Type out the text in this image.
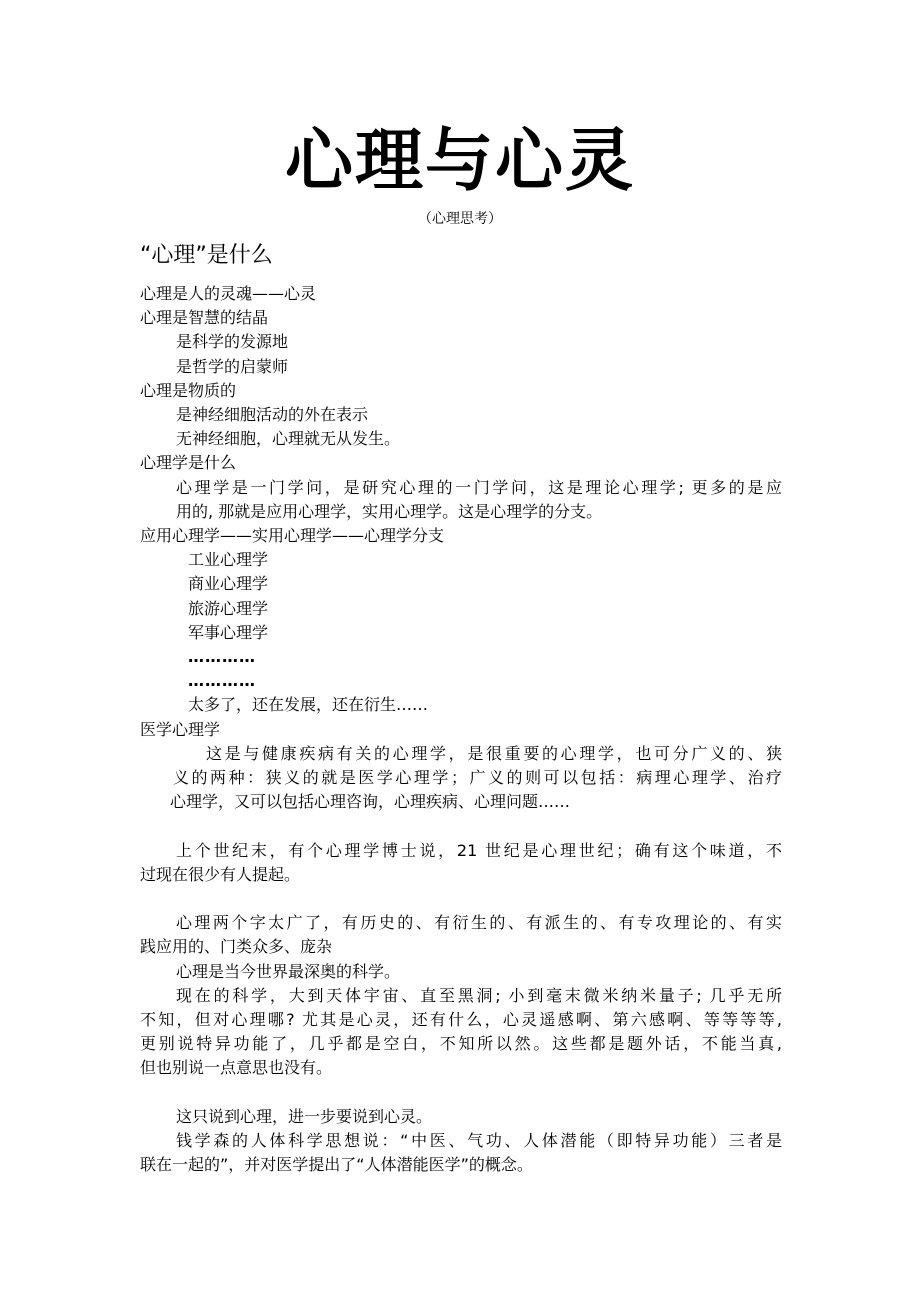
心理与心灵
（心理思考）
“心理”是什么
心理是人的灵魂——心灵
心理是智慧的结晶
是科学的发源地
是哲学的启蒙师
心理是物质的
是神经细胞活动的外在表示
无神经细胞，心理就无从发生。
心理学是什么
心理学是一门学问，是研究心理的一门学问，这是理论心理学; 更多的是应
用的, 那就是应用心理学，实用心理学。这是心理学的分支。
应用心理学——实用心理学——心理学分支
工业心理学
商业心理学
旅游心理学
军事心理学
…………
…………
太多了，还在发展，还在衍生……
医学心理学
这是与健康疾病有关的心理学，是很重要的心理学，也可分广义的、狭
义的两种：狭义的就是医学心理学；广义的则可以包括：病理心理学、治疗
心理学，又可以包括心理咨询，心理疾病、心理问题……
上个世纪末，有个心理学博士说，21 世纪是心理世纪；确有这个味道，不
过现在很少有人提起。
心理两个字太广了，有历史的、有衍生的、有派生的、有专攻理论的、有实
践应用的、门类众多、庞杂
心理是当今世界最深奥的科学。
现在的科学，大到天体宇宙、直至黑洞; 小到毫末微米纳米量子; 几乎无所
不知，但对心理哪? 尤其是心灵，还有什么，心灵遥感啊、第六感啊、等等等等,
更别说特异功能了，几乎都是空白，不知所以然。这些都是题外话，不能当真,
但也别说一点意思也没有。
这只说到心理，进一步要说到心灵。
钱学森的人体科学思想说：“中医、气功、人体潜能（即特异功能）三者是
联在一起的”，并对医学提出了“人体潜能医学”的概念。
